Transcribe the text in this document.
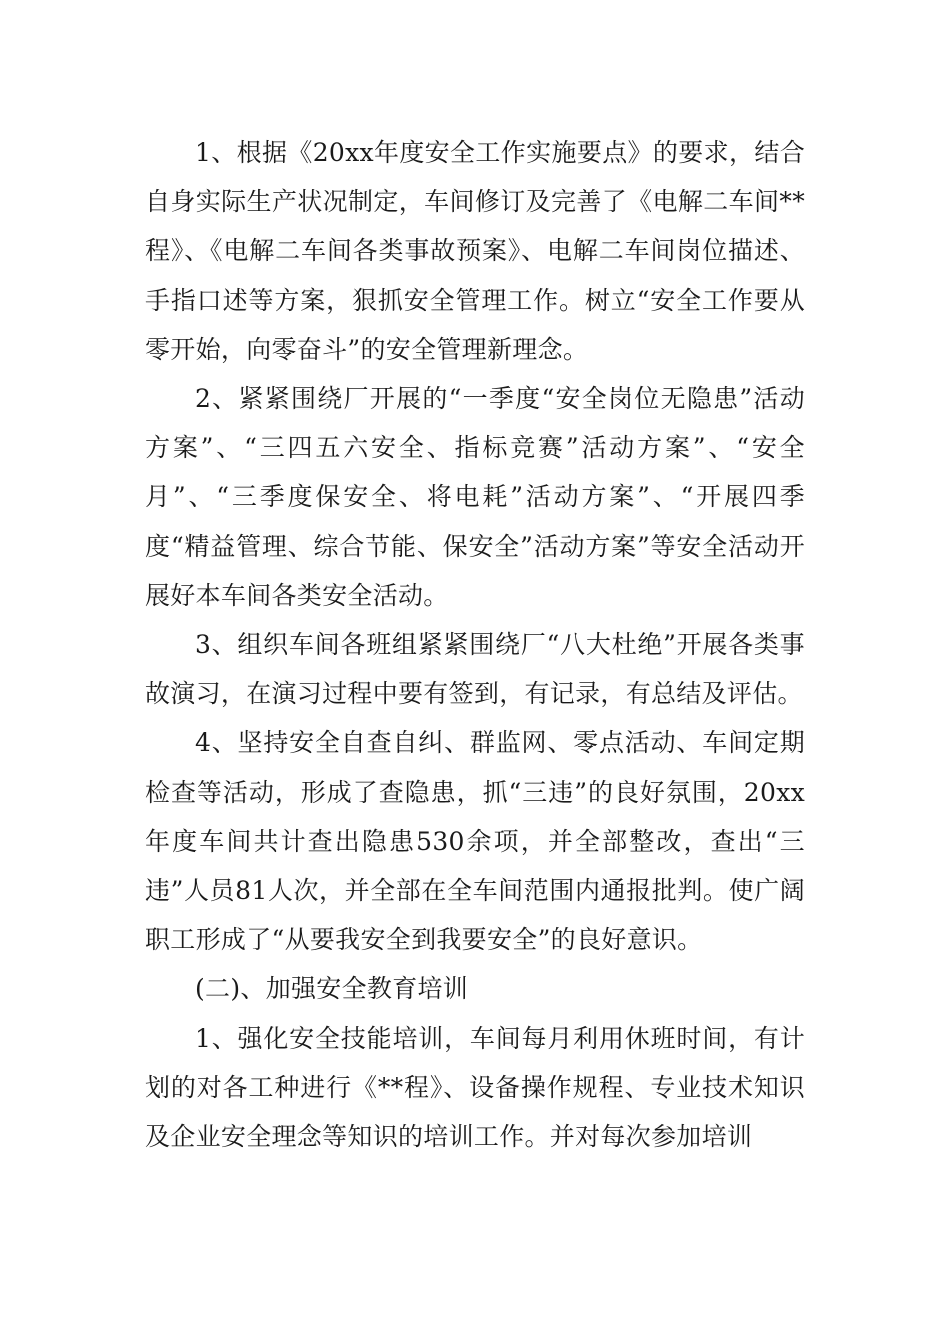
1、根据《20xx年度安全工作实施要点》的要求，结合自身实际生产状况制定，车间修订及完善了《电解二车间**程》、《电解二车间各类事故预案》、电解二车间岗位描述、手指口述等方案，狠抓安全管理工作。树立“安全工作要从零开始，向零奋斗”的安全管理新理念。

2、紧紧围绕厂开展的“一季度“安全岗位无隐患”活动方案”、“三四五六安全、指标竞赛”活动方案”、“安全月”、“三季度保安全、将电耗”活动方案”、“开展四季度“精益管理、综合节能、保安全”活动方案”等安全活动开展好本车间各类安全活动。

3、组织车间各班组紧紧围绕厂“八大杜绝”开展各类事故演习，在演习过程中要有签到，有记录，有总结及评估。

4、坚持安全自查自纠、群监网、零点活动、车间定期检查等活动，形成了查隐患，抓“三违”的良好氛围，20xx年度车间共计查出隐患530余项，并全部整改，查出“三违”人员81人次，并全部在全车间范围内通报批判。使广阔职工形成了“从要我安全到我要安全”的良好意识。

(二)、加强安全教育培训

1、强化安全技能培训，车间每月利用休班时间，有计划的对各工种进行《**程》、设备操作规程、专业技术知识及企业安全理念等知识的培训工作。并对每次参加培训
